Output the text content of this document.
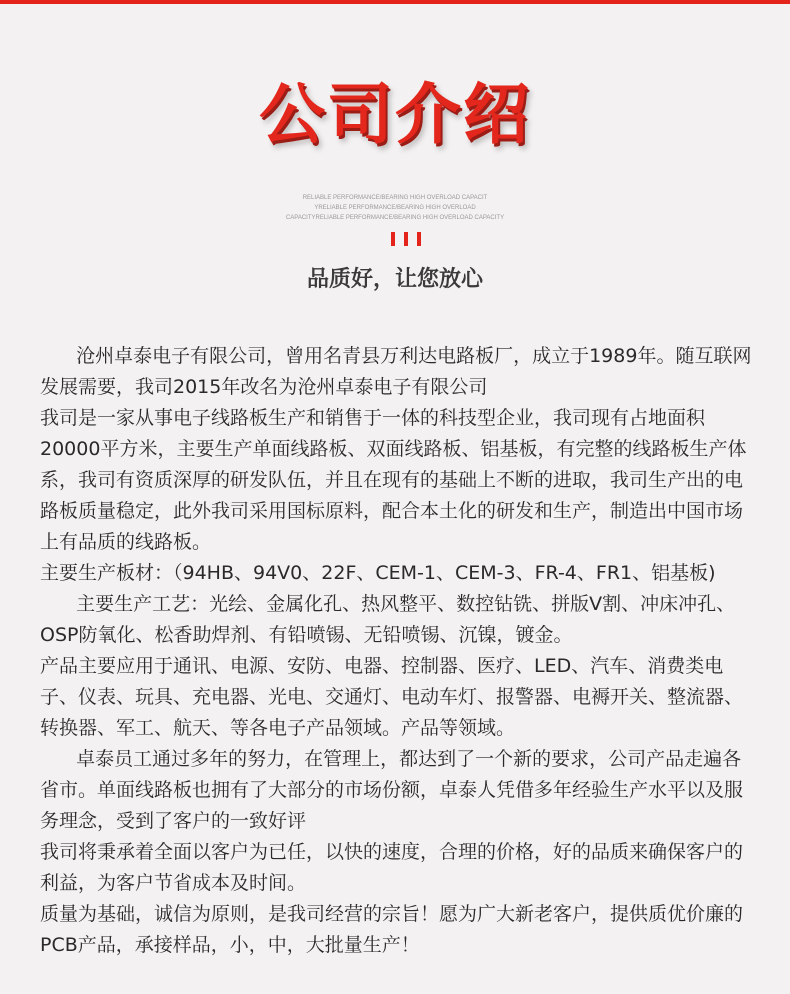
公司介绍
RELIABLE PERFORMANCE/BEARING HIGH OVERLOAD CAPACIT
YRELIABLE PERFORMANCE/BEARING HIGH OVERLOAD
CAPACITYRELIABLE PERFORMANCE/BEARING HIGH OVERLOAD CAPACITY
品质好，让您放心

沧州卓泰电子有限公司，曾用名青县万利达电路板厂，成立于1989年。随互联网发展需要，我司2015年改名为沧州卓泰电子有限公司

我司是一家从事电子线路板生产和销售于一体的科技型企业，我司现有占地面积20000平方米，主要生产单面线路板、双面线路板、铝基板，有完整的线路板生产体系，我司有资质深厚的研发队伍，并且在现有的基础上不断的进取，我司生产出的电路板质量稳定，此外我司采用国标原料，配合本土化的研发和生产，制造出中国市场上有品质的线路板。

主要生产板材：（94HB、94V0、22F、CEM-1、CEM-3、FR-4、FR1、铝基板)

主要生产工艺：光绘、金属化孔、热风整平、数控钻铣、拼版V割、冲床冲孔、OSP防氧化、松香助焊剂、有铅喷锡、无铅喷锡、沉镍，镀金。

产品主要应用于通讯、电源、安防、电器、控制器、医疗、LED、汽车、消费类电子、仪表、玩具、充电器、光电、交通灯、电动车灯、报警器、电褥开关、整流器、转换器、军工、航天、等各电子产品领域。产品等领域。

卓泰员工通过多年的努力，在管理上，都达到了一个新的要求，公司产品走遍各省市。单面线路板也拥有了大部分的市场份额，卓泰人凭借多年经验生产水平以及服务理念，受到了客户的一致好评

我司将秉承着全面以客户为已任，以快的速度，合理的价格，好的品质来确保客户的利益，为客户节省成本及时间。

质量为基础，诚信为原则，是我司经营的宗旨！愿为广大新老客户，提供质优价廉的PCB产品，承接样品，小，中，大批量生产！
